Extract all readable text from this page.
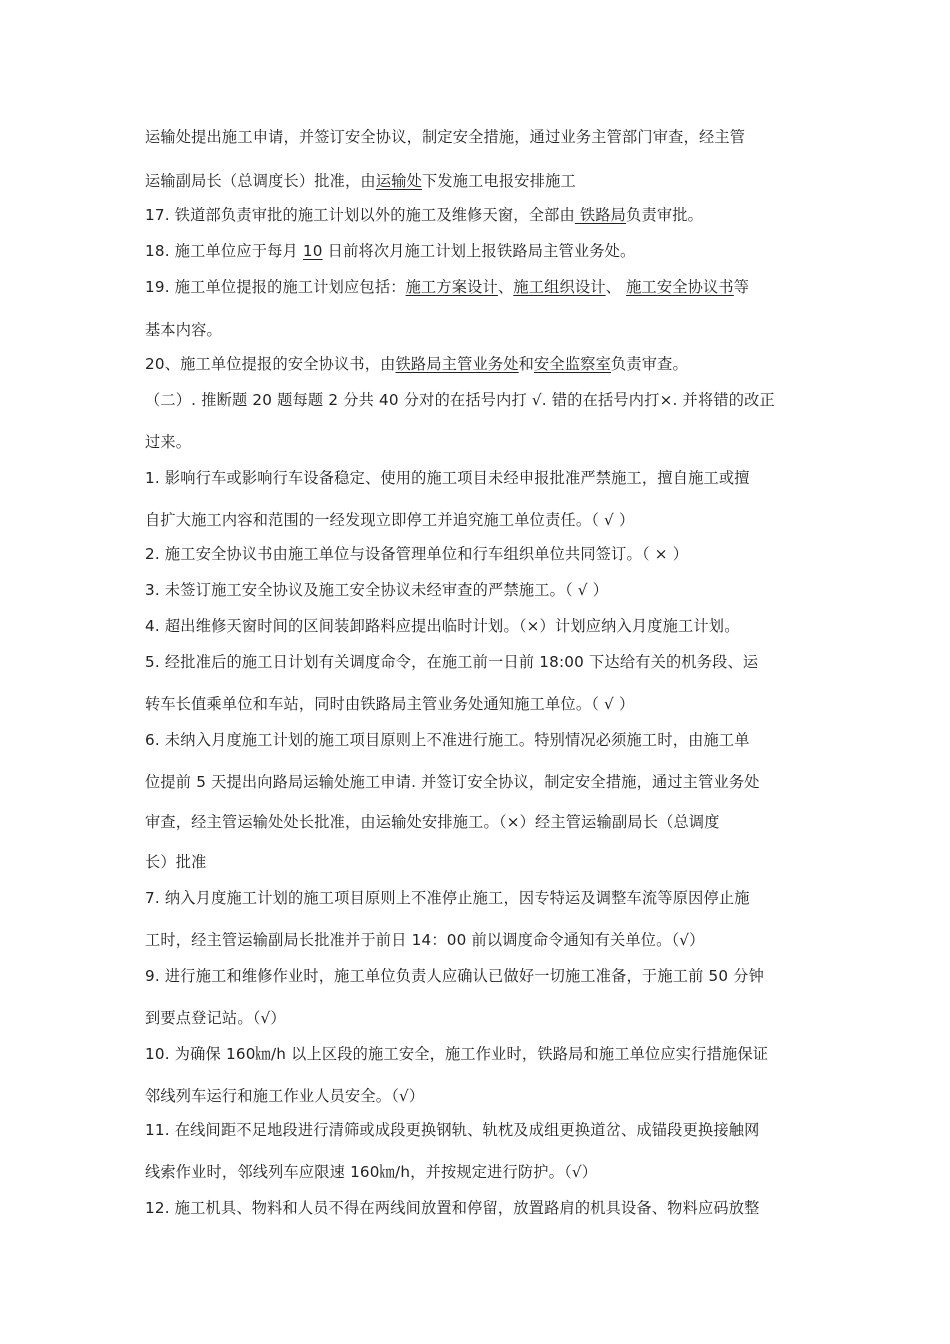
运输处提出施工申请，并签订安全协议，制定安全措施，通过业务主管部门审查，经主管
运输副局长（总调度长）批准，由运输处下发施工电报安排施工
17. 铁道部负责审批的施工计划以外的施工及维修天窗，全部由 铁路局负责审批。
18. 施工单位应于每月 10 日前将次月施工计划上报铁路局主管业务处。
19. 施工单位提报的施工计划应包括：施工方案设计、施工组织设计、 施工安全协议书等
基本内容。
20、施工单位提报的安全协议书，由铁路局主管业务处和安全监察室负责审查。
（二）. 推断题 20 题每题 2 分共 40 分对的在括号内打 √. 错的在括号内打×. 并将错的改正
过来。
1. 影响行车或影响行车设备稳定、使用的施工项目未经申报批准严禁施工，擅自施工或擅
自扩大施工内容和范围的一经发现立即停工并追究施工单位责任。（ √ ）
2. 施工安全协议书由施工单位与设备管理单位和行车组织单位共同签订。（ × ）
3. 未签订施工安全协议及施工安全协议未经审查的严禁施工。（ √ ）
4. 超出维修天窗时间的区间装卸路料应提出临时计划。（×）计划应纳入月度施工计划。
5. 经批准后的施工日计划有关调度命令，在施工前一日前 18:00 下达给有关的机务段、运
转车长值乘单位和车站，同时由铁路局主管业务处通知施工单位。（ √ ）
6. 未纳入月度施工计划的施工项目原则上不准进行施工。特别情况必须施工时，由施工单
位提前 5 天提出向路局运输处施工申请. 并签订安全协议，制定安全措施，通过主管业务处
审查，经主管运输处处长批准，由运输处安排施工。（×）经主管运输副局长（总调度
长）批准
7. 纳入月度施工计划的施工项目原则上不准停止施工，因专特运及调整车流等原因停止施
工时，经主管运输副局长批准并于前日 14：00 前以调度命令通知有关单位。（√）
9. 进行施工和维修作业时，施工单位负责人应确认已做好一切施工准备，于施工前 50 分钟
到要点登记站。（√）
10. 为确保 160㎞/h 以上区段的施工安全，施工作业时，铁路局和施工单位应实行措施保证
邻线列车运行和施工作业人员安全。（√）
11. 在线间距不足地段进行清筛或成段更换钢轨、轨枕及成组更换道岔、成锚段更换接触网
线索作业时，邻线列车应限速 160㎞/h，并按规定进行防护。（√）
12. 施工机具、物料和人员不得在两线间放置和停留，放置路肩的机具设备、物料应码放整
